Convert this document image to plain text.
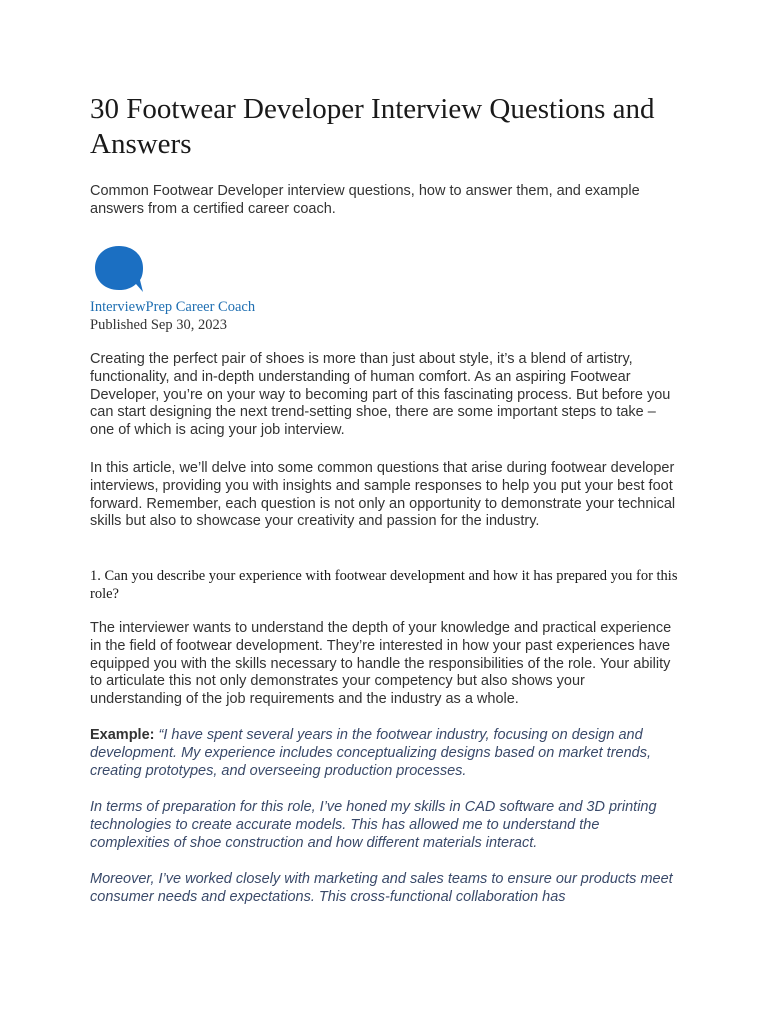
30 Footwear Developer Interview Questions and Answers

Common Footwear Developer interview questions, how to answer them, and example answers from a certified career coach.

InterviewPrep Career Coach

Published Sep 30, 2023

Creating the perfect pair of shoes is more than just about style, it’s a blend of artistry, functionality, and in-depth understanding of human comfort. As an aspiring Footwear Developer, you’re on your way to becoming part of this fascinating process. But before you can start designing the next trend-setting shoe, there are some important steps to take – one of which is acing your job interview.

In this article, we’ll delve into some common questions that arise during footwear developer interviews, providing you with insights and sample responses to help you put your best foot forward. Remember, each question is not only an opportunity to demonstrate your technical skills but also to showcase your creativity and passion for the industry.

1. Can you describe your experience with footwear development and how it has prepared you for this role?

The interviewer wants to understand the depth of your knowledge and practical experience in the field of footwear development. They’re interested in how your past experiences have equipped you with the skills necessary to handle the responsibilities of the role. Your ability to articulate this not only demonstrates your competency but also shows your understanding of the job requirements and the industry as a whole.

Example: “I have spent several years in the footwear industry, focusing on design and development. My experience includes conceptualizing designs based on market trends, creating prototypes, and overseeing production processes.

In terms of preparation for this role, I’ve honed my skills in CAD software and 3D printing technologies to create accurate models. This has allowed me to understand the complexities of shoe construction and how different materials interact.

Moreover, I’ve worked closely with marketing and sales teams to ensure our products meet consumer needs and expectations. This cross-functional collaboration has
